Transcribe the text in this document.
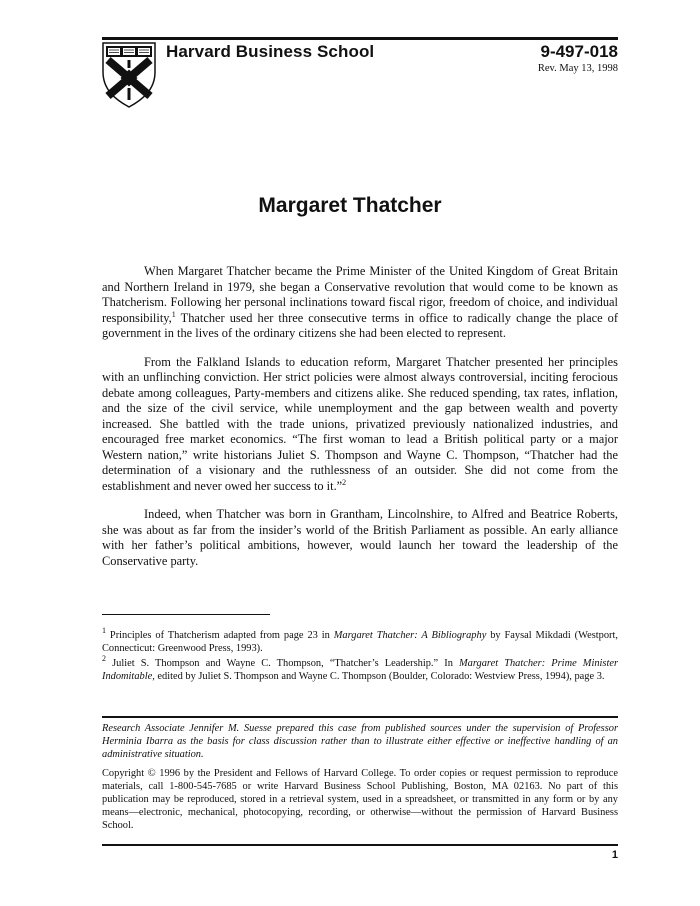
Harvard Business School	9-497-018
Rev. May 13, 1998
Margaret Thatcher

When Margaret Thatcher became the Prime Minister of the United Kingdom of Great Britain and Northern Ireland in 1979, she began a Conservative revolution that would come to be known as Thatcherism. Following her personal inclinations toward fiscal rigor, freedom of choice, and individual responsibility,$^1$ Thatcher used her three consecutive terms in office to radically change the place of government in the lives of the ordinary citizens she had been elected to represent.

From the Falkland Islands to education reform, Margaret Thatcher presented her principles with an unflinching conviction. Her strict policies were almost always controversial, inciting ferocious debate among colleagues, Party-members and citizens alike. She reduced spending, tax rates, inflation, and the size of the civil service, while unemployment and the gap between wealth and poverty increased. She battled with the trade unions, privatized previously nationalized industries, and encouraged free market economics. “The first woman to lead a British political party or a major Western nation,” write historians Juliet S. Thompson and Wayne C. Thompson, “Thatcher had the determination of a visionary and the ruthlessness of an outsider. She did not come from the establishment and never owed her success to it.”$^2$

Indeed, when Thatcher was born in Grantham, Lincolnshire, to Alfred and Beatrice Roberts, she was about as far from the insider’s world of the British Parliament as possible. An early alliance with her father’s political ambitions, however, would launch her toward the leadership of the Conservative party.

$^1$ Principles of Thatcherism adapted from page 23 in Margaret Thatcher: A Bibliography by Faysal Mikdadi (Westport, Connecticut: Greenwood Press, 1993).

$^2$ Juliet S. Thompson and Wayne C. Thompson, “Thatcher’s Leadership.” In Margaret Thatcher: Prime Minister Indomitable, edited by Juliet S. Thompson and Wayne C. Thompson (Boulder, Colorado: Westview Press, 1994), page 3.

Research Associate Jennifer M. Suesse prepared this case from published sources under the supervision of Professor Herminia Ibarra as the basis for class discussion rather than to illustrate either effective or ineffective handling of an administrative situation.
Copyright © 1996 by the President and Fellows of Harvard College. To order copies or request permission to reproduce materials, call 1-800-545-7685 or write Harvard Business School Publishing, Boston, MA 02163. No part of this publication may be reproduced, stored in a retrieval system, used in a spreadsheet, or transmitted in any form or by any means—electronic, mechanical, photocopying, recording, or otherwise—without the permission of Harvard Business School.
1
